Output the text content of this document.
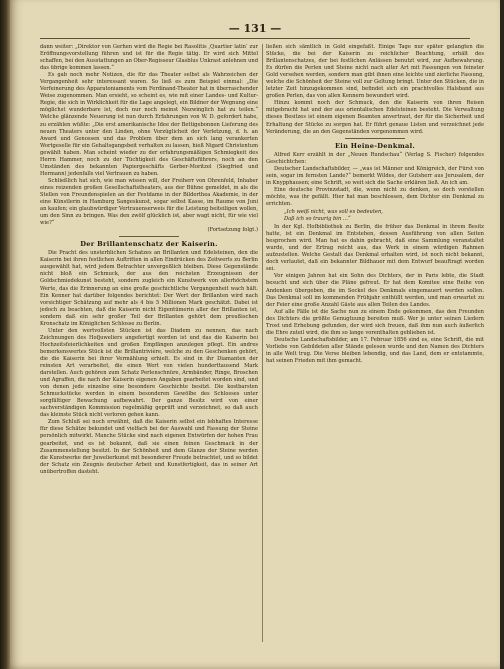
— 131 —

dann weiter: „Direktor von Gerhen wird die Regie bei Rasolitis ‚Quartier latin‘ zur Eröffnungsvorstellung führen und ist für die Regie tätig. Er wird sich Mittel schaffen, bei den Ausstattungen an Ober-Regisseur Glasblus Unkrast anlehnen und das übrige kommen lassen.“

Es gab noch mehr Notizen, die für das Theater selbst als Wahrzeichen der Vergangenheit sehr interessant waren. So ließ es zum Beispiel einmal: „Die Verfeinerung des Apparatoniaments vom Ferdinand-Theater hat in überraschender Weise zugenommen. Man ersieht, so scheint es, wie mit einer Landes- und Kultur-Regie, die sich in Wirklichkeit für die Lage angelegt, ein Bildner der Wegnung eine möglichst wunderbare ist, doch nur noch meinst Nezwinglich hat zu teilen.“ Welche glänzende Neuerung ist nun durch Erfahrungen von W. D. gefordert habe, zu erzählen wüßte: „Die erst amerikanische Idee der Bettigebonnen Lieferung des neuen Theaters unter den Linden, ohne Vorzüglicheit der Verletzung, d. h. an Award und Genossen und das Problem über dem an sich lang verankerten Wortgeselle für ein Gehaltsgangsbeit verhalten zu lassen, hieß Nigard Christentum gewählt haben. Man scheint wieder zu der erfahrungsmäßigen Schmiegkeit des Herrn Hammer, noch zu der Tüchtigkeit des Geschäftsführers, noch an den Umständen des bekannten Papiergeschäfts Gerber-Moritzel (Siegfried und Hermann) jedenfalls viel Vertrauen zu haben.

Schließlich hat sich, wie man wissen will, der Freiherr von Ohrenfeld, Inhaber eines reizenden großen Gesellschaftstheaters, aus der Bühne gemeldet, in als die Stellen von Freundenspielen an der Festdame in der Bilderthea Akademie, in der eine Künstlerin in Hamburg Sangeskunst, sogar selbst Kasse, im Raume von Juni an kaufen; ein glaubwürdiger Vertrauenserweis für die Leistung beiteiligen wollen, um den Sinn zu bringen. Was den zwölf glücklich ist, aber wagt nicht, für wie viel wie?“

(Fortsetzung folgt.)

Der Brillantenschatz der Kaiserin.

Die Pracht des unsterblichen Schatzes an Brillanten und Edelsteinen, den die Kaiserin bei ihren festlichen Auftritten in allen Eindrücken des Zeitwerts zu Berlin ausgewählt hat, wird jedem Betrachter unvergeßlich bleiben. Diese Gegenstände nicht bloß ein Schmuck, der aus den reichsten Erzeugnissen der Goldschmiedekunst besteht, sondern zugleich ein Kunstwerk von allerhöchstem Werte, das die Erinnerung an eine große geschichtliche Vergangenheit wach hält. Ein Kenner hat darüber folgendes berichtet: Der Wert der Brillanten wird nach vorsichtiger Schätzung auf mehr als 4 bis 5 Millionen Mark geschätzt. Dabei ist jedoch zu beachten, daß die Kaiserin nicht Eigentümerin aller der Brillanten ist, sondern daß ein sehr großer Teil der Brillanten gehört dem preußischen Kronschatz im Königlichen Schlosse zu Berlin.

Unter den wertvollsten Stücken ist das Diadem zu nennen, das nach Zeichnungen des Hofjuweliers angefertigt worden ist und das die Kaiserin bei Hochzeitsfeierlichkeiten und großen Empfängen anzulegen pflegt. Ein andres bemerkenswertes Stück ist die Brillantrivière, welche zu den Geschenken gehört, die die Kaiserin bei ihrer Vermählung erhielt. Es sind in ihr Diamanten der reinsten Art verarbeitet, die einen Wert von vielen hunderttausend Mark darstellen. Auch gehören zum Schatz Perlenschnüre, Armbänder, Ringe, Broschen und Agraffen, die nach der Kaiserin eigenen Angaben gearbeitet worden sind, und von denen jede einzelne eine besondere Geschichte besitzt. Die kostbarsten Schmuckstücke werden in einem besonderen Gewölbe des Schlosses unter sorgfältiger Bewachung aufbewahrt. Der ganze Besitz wird von einer sachverständigen Kommission regelmäßig geprüft und verzeichnet, so daß auch das kleinste Stück nicht verloren gehen kann.

Zum Schluß sei noch erwähnt, daß die Kaiserin selbst ein lebhaftes Interesse für diese Schätze bekundet und vielfach bei der Auswahl und Fassung der Steine persönlich mitwirkt. Manche Stücke sind nach eigenen Entwürfen der hohen Frau gearbeitet, und es ist bekannt, daß sie einen feinen Geschmack in der Zusammenstellung besitzt. In der Schönheit und dem Glanze der Steine werden die Kunstwerke der Juwelierkunst mit besonderer Freude betrachtet, und so bildet der Schatz ein Zeugnis deutscher Arbeit und Kunstfertigkeit, das in seiner Art unübertroffen dasteht.

ließen sich sämtlich in Gold eingefaßt. Einige Tage nur später gelangten die Stücke, die bei der Kaiserin zu reichlicher Beachtung, erhält des Brillantenschatzes, der bei festlichen Anlässen benutzt wird, zur Aufbewahrung. Es dürfen die Perlen und Steine nicht nach alter Art mit Fassungen von feinster Gold versehen werden, sondern man gibt ihnen eine leichte und zierliche Fassung, welche die Schönheit der Steine voll zur Geltung bringt. Unter den Stücken, die in letzter Zeit hinzugekommen sind, befindet sich ein prachtvolles Halsband aus großen Perlen, das von allen Kennern bewundert wird.

Hinzu kommt noch der Schmuck, den die Kaiserin von ihren Reisen mitgebracht hat und der aus orientalischen Edelsteinen besteht. Die Verwaltung dieses Besitzes ist einem eigenen Beamten anvertraut, der für die Sicherheit und Erhaltung der Stücke zu sorgen hat. Er führt genaue Listen und verzeichnet jede Veränderung, die an den Gegenständen vorgenommen wird.

Ein Heine-Denkmal.

Alfred Kerr erzählt in der „Neuen Rundschau“ (Verlag S. Fischer) folgendes Geschichtchen:

Deutscher Landschaftsbilder, — „was ist Männer und Königreich, der Fürst von sein, sogar im fernsten Lande?“ bemerkt Wildes, der Gutsherr aus Jerusalem, der in Knypphausen; eine Schrift, so weit sich die Sache erklären ließ. An ich am.

Eine deutsche Provinzstadt, die, wenn nicht zu denken, so doch vorstellen möchte, was ihr gefällt. Hier hat man beschlossen, dem Dichter ein Denkmal zu errichten.

„Ich weiß nicht, was soll es bedeuten,
Daß ich so traurig bin …“

In der Kgl. Hofbibliothek zu Berlin, die früher das Denkmal in ihrem Besitz hatte, ist ein Denkmal im Entstehen, dessen Ausführung von allen Seiten besprochen wird. Man hat es dahin gebracht, daß eine Sammlung veranstaltet wurde, und der Ertrag reicht aus, das Werk in einem würdigen Rahmen aufzustellen. Welche Gestalt das Denkmal erhalten wird, ist noch nicht bekannt, doch verlautet, daß ein bekannter Bildhauer mit dem Entwurf beauftragt worden sei.

Vor einigen Jahren hat ein Sohn des Dichters, der in Paris lebte, die Stadt besucht und sich über die Pläne gefreut. Er hat dem Komitee eine Reihe von Andenken übergeben, die im Sockel des Denkmals eingemauert werden sollen. Das Denkmal soll im kommenden Frühjahr enthüllt werden, und man erwartet zu der Feier eine große Anzahl Gäste aus allen Teilen des Landes.

Auf alle Fälle ist die Sache nun zu einem Ende gekommen, das den Freunden des Dichters die größte Genugtuung bereiten muß. Wer je unter seinen Liedern Trost und Erhebung gefunden, der wird sich freuen, daß ihm nun auch äußerlich die Ehre zuteil wird, die ihm so lange vorenthalten geblieben ist.

Deutsche Landschaftsbilder, am 17. Februar 1856 sind es, eine Schrift, die mit Vorliebe von Gebildeten aller Stände gelesen wurde und den Namen des Dichters in alle Welt trug. Die Verse bleiben lebendig, und das Land, dem er entstammte, hat seinen Frieden mit ihm gemacht.
